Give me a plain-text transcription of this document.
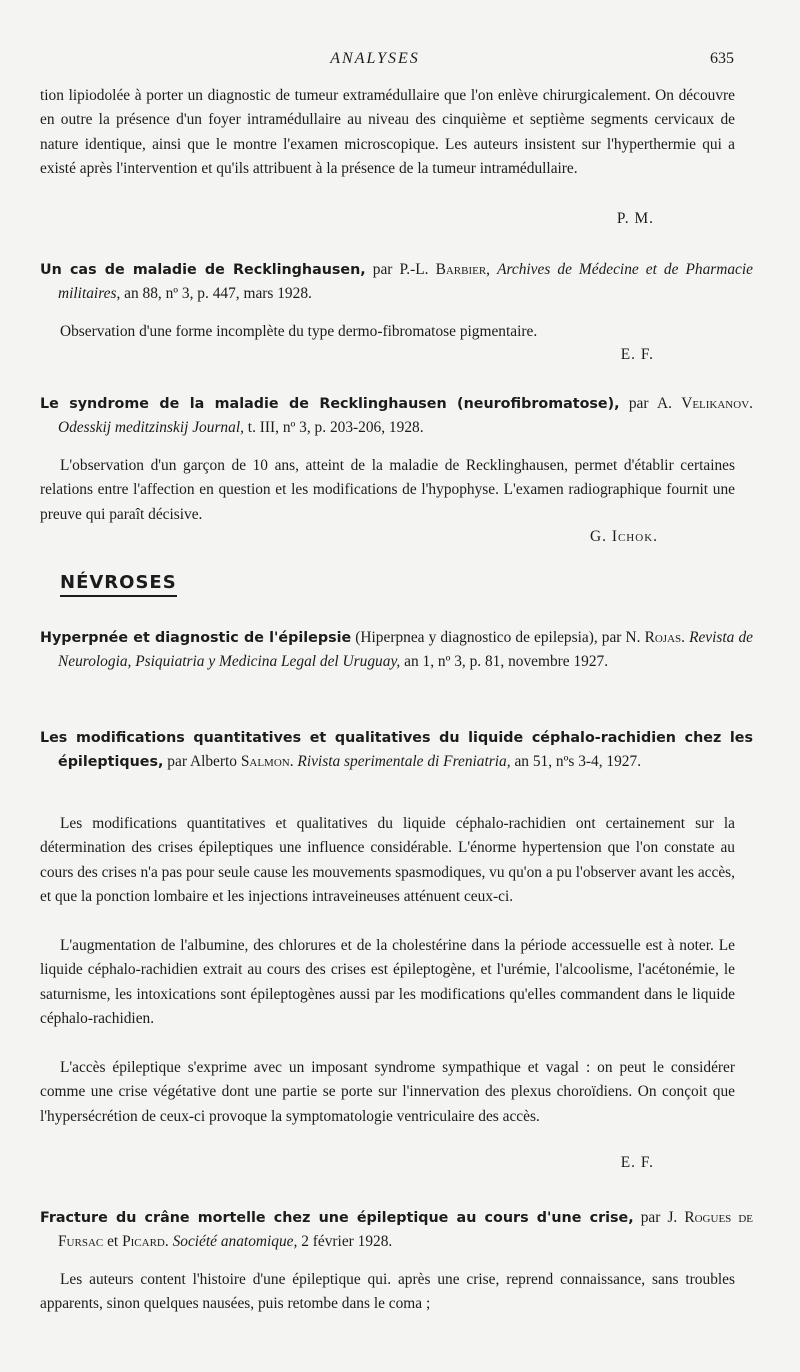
ANALYSES	635

tion lipiodolée à porter un diagnostic de tumeur extramédullaire que l'on enlève chirurgicalement. On découvre en outre la présence d'un foyer intramédullaire au niveau des cinquième et septième segments cervicaux de nature identique, ainsi que le montre l'examen microscopique. Les auteurs insistent sur l'hyperthermie qui a existé après l'intervention et qu'ils attribuent à la présence de la tumeur intramédullaire.

P. M.

Un cas de maladie de Recklinghausen, par P.-L. Barbier, Archives de Médecine et de Pharmacie militaires, an 88, nº 3, p. 447, mars 1928.

Observation d'une forme incomplète du type dermo-fibromatose pigmentaire.

E. F.

Le syndrome de la maladie de Recklinghausen (neurofibromatose), par A. Velikanov. Odesskij meditzinskij Journal, t. III, nº 3, p. 203-206, 1928.

L'observation d'un garçon de 10 ans, atteint de la maladie de Recklinghausen, permet d'établir certaines relations entre l'affection en question et les modifications de l'hypophyse. L'examen radiographique fournit une preuve qui paraît décisive.

G. Ichok.
NÉVROSES

Hyperpnée et diagnostic de l'épilepsie (Hiperpnea y diagnostico de epilepsia), par N. Rojas. Revista de Neurologia, Psiquiatria y Medicina Legal del Uruguay, an 1, nº 3, p. 81, novembre 1927.

Les modifications quantitatives et qualitatives du liquide céphalo-rachidien chez les épileptiques, par Alberto Salmon. Rivista sperimentale di Freniatria, an 51, nºs 3-4, 1927.

Les modifications quantitatives et qualitatives du liquide céphalo-rachidien ont certainement sur la détermination des crises épileptiques une influence considérable. L'énorme hypertension que l'on constate au cours des crises n'a pas pour seule cause les mouvements spasmodiques, vu qu'on a pu l'observer avant les accès, et que la ponction lombaire et les injections intraveineuses atténuent ceux-ci.

L'augmentation de l'albumine, des chlorures et de la cholestérine dans la période accessuelle est à noter. Le liquide céphalo-rachidien extrait au cours des crises est épileptogène, et l'urémie, l'alcoolisme, l'acétonémie, le saturnisme, les intoxications sont épileptogènes aussi par les modifications qu'elles commandent dans le liquide céphalo-rachidien.

L'accès épileptique s'exprime avec un imposant syndrome sympathique et vagal : on peut le considérer comme une crise végétative dont une partie se porte sur l'innervation des plexus choroïdiens. On conçoit que l'hypersécrétion de ceux-ci provoque la symptomatologie ventriculaire des accès.

E. F.

Fracture du crâne mortelle chez une épileptique au cours d'une crise, par J. Rogues de Fursac et Picard. Société anatomique, 2 février 1928.

Les auteurs content l'histoire d'une épileptique qui. après une crise, reprend connaissance, sans troubles apparents, sinon quelques nausées, puis retombe dans le coma ;
